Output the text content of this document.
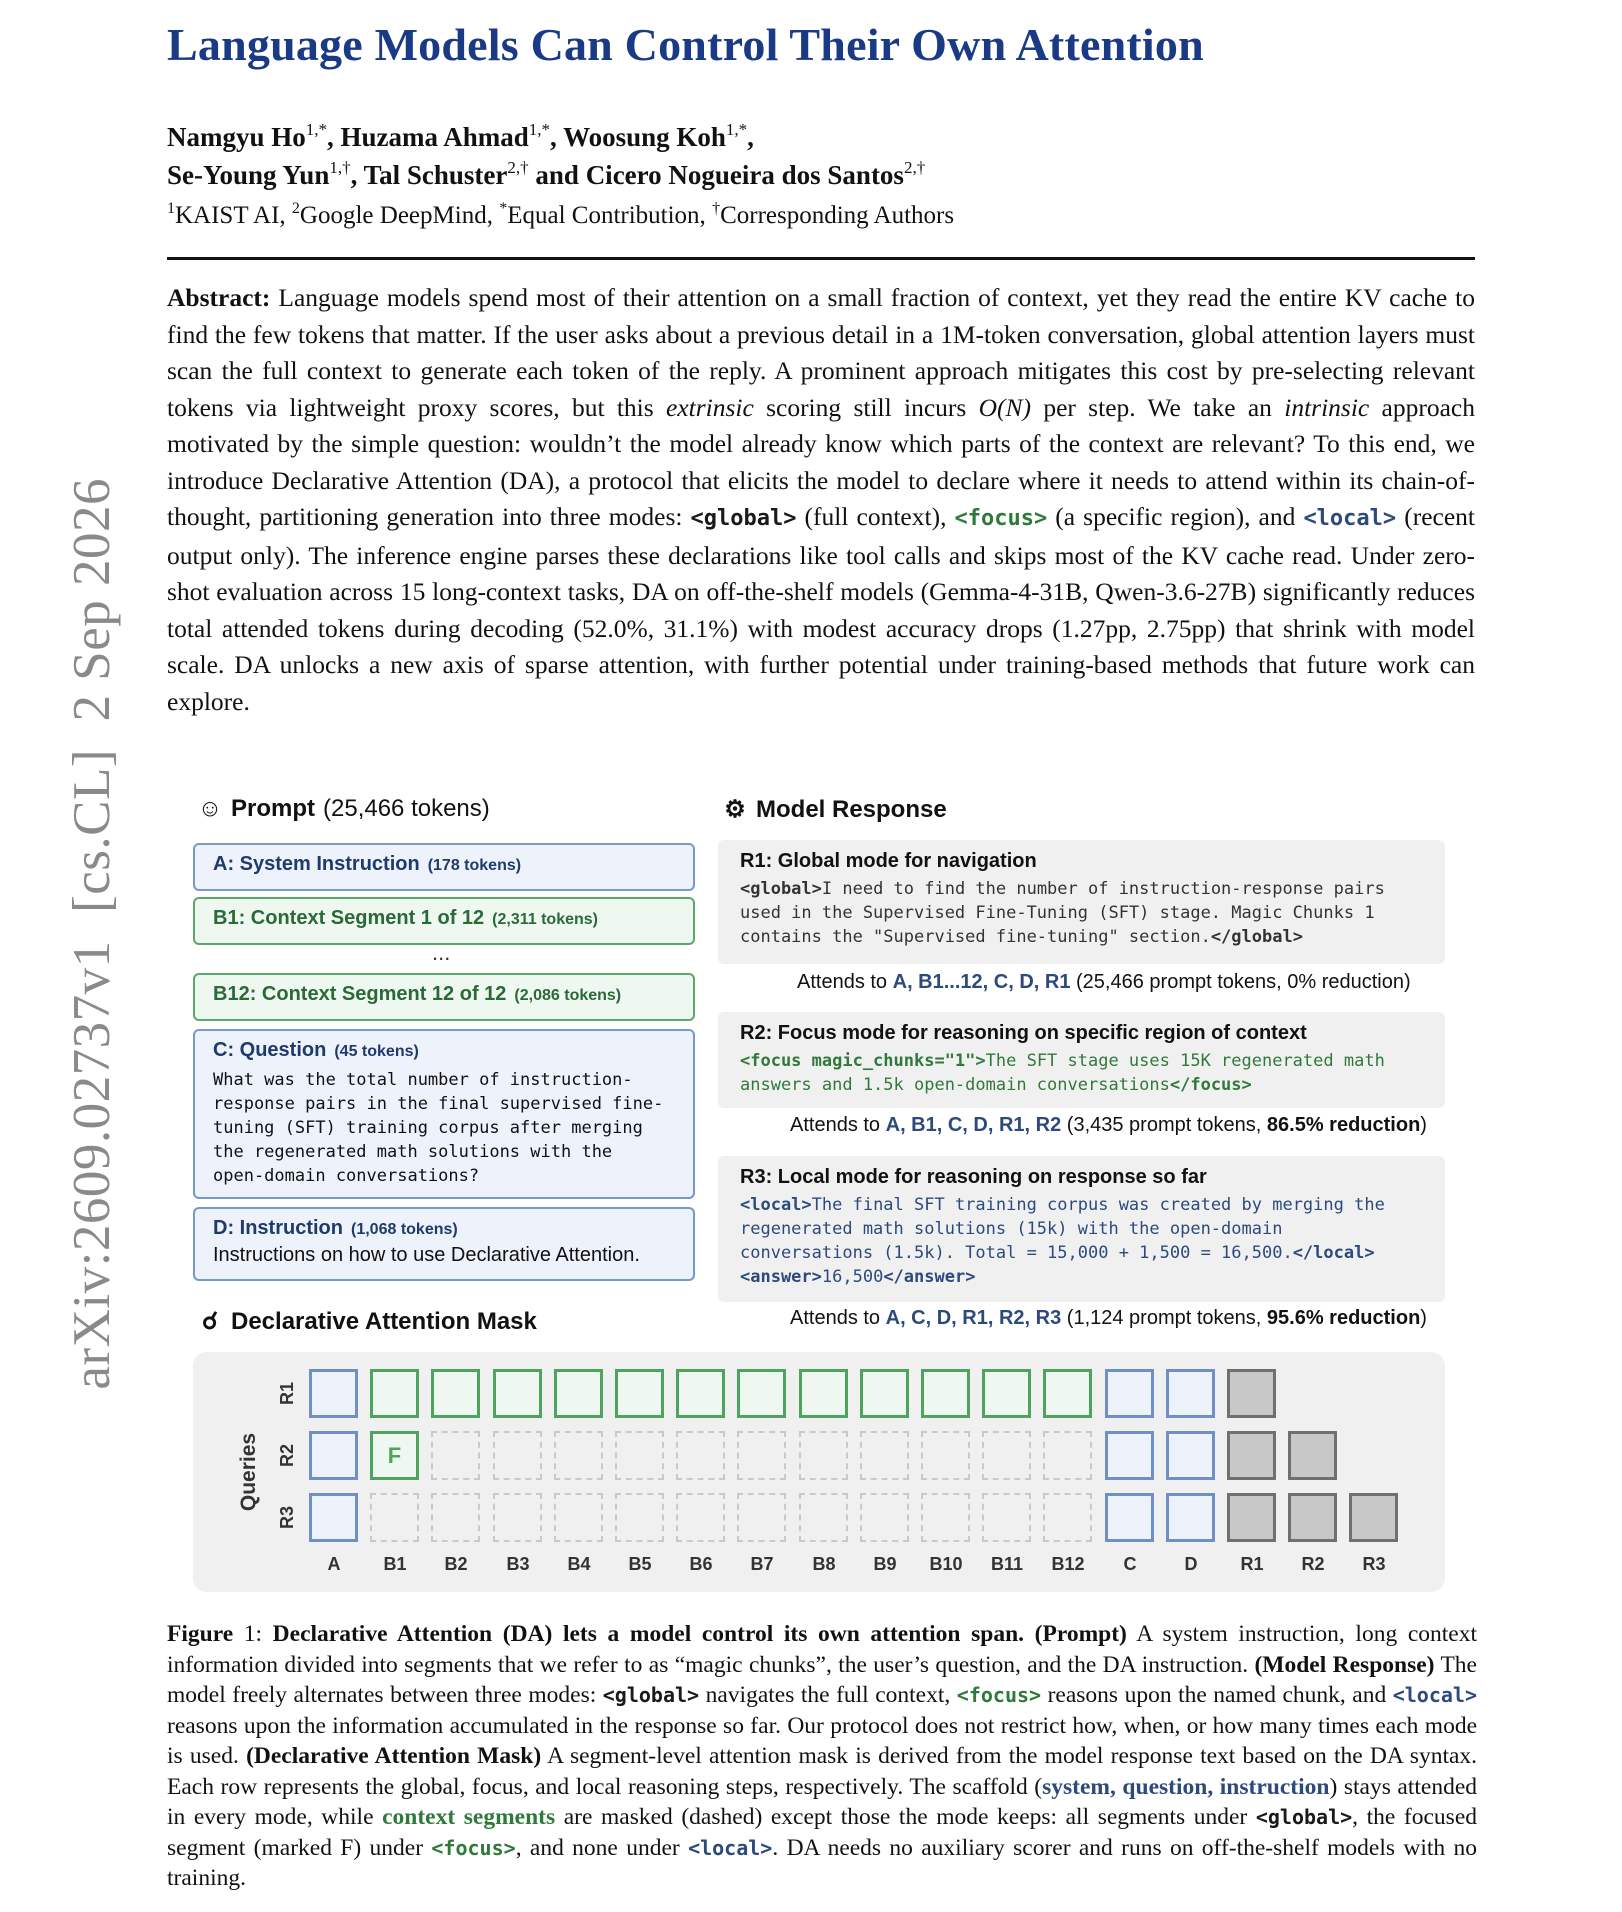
arXiv:2609.02737v1  [cs.CL]  2 Sep 2026
Language Models Can Control Their Own Attention
Namgyu $Ho^{1,*}$, Huzama Ahmad$^{1,*}$, Woosung Koh$^{1,*}$,
Se-Young Yun$^{1,\dagger}$, Tal Schuster$^{2,\dagger}$ and Cicero Nogueira dos Santos$^{2,\dagger}$
$^1$KAIST AI, $^2$Google DeepMind, *Equal Contribution, †Corresponding Authors
Abstract: Language models spend most of their attention on a small fraction of context, yet they read the entire KV cache to find the few tokens that matter. If the user asks about a previous detail in a 1M-token conversation, global attention layers must scan the full context to generate each token of the reply. A prominent approach mitigates this cost by pre-selecting relevant tokens via lightweight proxy scores, but this extrinsic scoring still incurs O(N) per step. We take an intrinsic approach motivated by the simple question: wouldn’t the model already know which parts of the context are relevant? To this end, we introduce Declarative Attention (DA), a protocol that elicits the model to declare where it needs to attend within its chain-of-thought, partitioning generation into three modes: <global> (full context), <focus> (a specific region), and <local> (recent output only). The inference engine parses these declarations like tool calls and skips most of the KV cache read. Under zero-shot evaluation across 15 long-context tasks, DA on off-the-shelf models (Gemma-4-31B, Qwen-3.6-27B) significantly reduces total attended tokens during decoding (52.0%, 31.1%) with modest accuracy drops (1.27pp, 2.75pp) that shrink with model scale. DA unlocks a new axis of sparse attention, with further potential under training-based methods that future work can explore.
☺ Prompt (25,466 tokens)
A: System Instruction (178 tokens)
B1: Context Segment 1 of 12 (2,311 tokens)
...
B12: Context Segment 12 of 12 (2,086 tokens)
C: Question (45 tokens)
What was the total number of instruction-
response pairs in the final supervised fine-
tuning (SFT) training corpus after merging
the regenerated math solutions with the
open-domain conversations?
D: Instruction (1,068 tokens)
Instructions on how to use Declarative Attention.
⚙ Model Response
R1: Global mode for navigation
<global>I need to find the number of instruction-response pairs
used in the Supervised Fine-Tuning (SFT) stage. Magic Chunks 1
contains the "Supervised fine-tuning" section.</global>
Attends to A, B1...12, C, D, R1 (25,466 prompt tokens, 0% reduction)
R2: Focus mode for reasoning on specific region of context
<focus magic_chunks="1">The SFT stage uses 15K regenerated math
answers and 1.5k open-domain conversations</focus>
Attends to A, B1, C, D, R1, R2 (3,435 prompt tokens, 86.5% reduction)
R3: Local mode for reasoning on response so far
<local>The final SFT training corpus was created by merging the
regenerated math solutions (15k) with the open-domain
conversations (1.5k). Total = 15,000 + 1,500 = 16,500.</local>
<answer>16,500</answer>
Attends to A, C, D, R1, R2, R3 (1,124 prompt tokens, 95.6% reduction)
☌ Declarative Attention Mask
Queries
R1
R2	F
R3
A	B1	B2	B3	B4	B5	B6	B7	B8	B9	B10	B11	B12	C	D	R1	R2	R3
Figure 1: Declarative Attention (DA) lets a model control its own attention span. (Prompt) A system instruction, long context information divided into segments that we refer to as “magic chunks”, the user’s question, and the DA instruction. (Model Response) The model freely alternates between three modes: <global> navigates the full context, <focus> reasons upon the named chunk, and <local> reasons upon the information accumulated in the response so far. Our protocol does not restrict how, when, or how many times each mode is used. (Declarative Attention Mask) A segment-level attention mask is derived from the model response text based on the DA syntax. Each row represents the global, focus, and local reasoning steps, respectively. The scaffold (system, question, instruction) stays attended in every mode, while context segments are masked (dashed) except those the mode keeps: all segments under <global>, the focused segment (marked F) under <focus>, and none under <local>. DA needs no auxiliary scorer and runs on off-the-shelf models with no training.
